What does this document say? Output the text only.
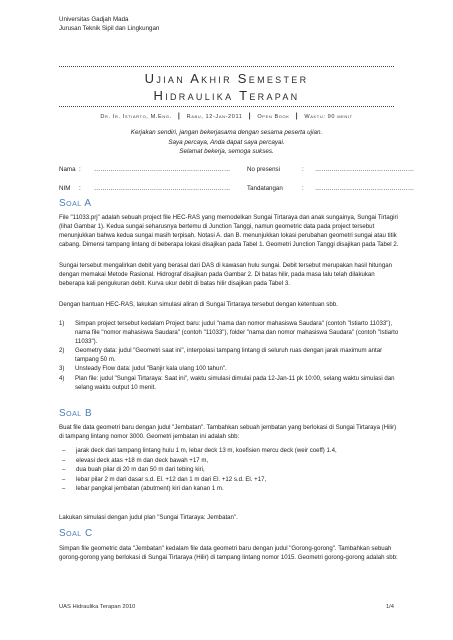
Universitas Gadjah Mada
Jurusan Teknik Sipil dan Lingkungan
Ujian Akhir Semester
Hidraulika Terapan
Dr. Ir. Istiarto, M.Eng. | Rabu, 12-Jan-2011 | Open Book | Waktu: 90 menit
Kerjakan sendiri, jangan bekerjasama dengan sesama peserta ujian.
Saya percaya, Anda dapat saya percayai.
Selamat bekerja, semoga sukses.
Nama : …………………………………………………………	No presensi	: …………………………………………
NIM : …………………………………………………………	Tandatangan	: …………………………………………
Soal A
File "11033.prj" adalah sebuah project file HEC-RAS yang memodelkan Sungai Tirtaraya dan anak sungainya, Sungai Tirtagiri (lihat Gambar 1). Kedua sungai seharusnya bertemu di Junction Tanggi, namun geometric data pada project tersebut menunjukkan bahwa kedua sungai masih terpisah. Notasi A. dan B. menunjukkan lokasi perubahan geometri sungai atau titik cabang. Dimensi tampang lintang di beberapa lokasi disajikan pada Tabel 1. Geometri Junction Tanggi disajikan pada Tabel 2.
Sungai tersebut mengalirkan debit yang berasal dari DAS di kawasan hulu sungai. Debit tersebut merupakan hasil hitungan dengan memakai Metode Rasional. Hidrograf disajikan pada Gambar 2. Di batas hilir, pada masa lalu telah dilakukan beberapa kali pengukuran debit. Kurva ukur debit di batas hilir disajikan pada Tabel 3.
Dengan bantuan HEC-RAS, lakukan simulasi aliran di Sungai Tirtaraya tersebut dengan ketentuan sbb.
1) Simpan project tersebut kedalam Project baru: judul "nama dan nomor mahasiswa Saudara" (contoh "Istiarto 11033"), nama file "nomor mahasiswa Saudara" (contoh "11033"), folder "nama dan nomor mahasiswa Saudara" (contoh "Istiarto 11033").
2) Geometry data: judul "Geometri saat ini", interpolasi tampang lintang di seluruh ruas dengan jarak maximum antar tampang 50 m.
3) Unsteady Flow data: judul "Banjir kala ulang 100 tahun".
4) Plan file: judul "Sungai Tirtaraya: Saat ini", waktu simulasi dimulai pada 12-Jan-11 pk 10:00, selang waktu simulasi dan selang waktu output 10 menit.
Soal B
Buat file data geometri baru dengan judul "Jembatan". Tambahkan sebuah jembatan yang berlokasi di Sungai Tirtaraya (Hilir) di tampang lintang nomor 3000. Geometri jembatan ini adalah sbb:
– jarak deck dari tampang lintang hulu 1 m, lebar deck 13 m, koefisien mercu deck (weir coeff) 1.4,
– elevasi deck atas +18 m dan deck bawah +17 m,
– dua buah pilar di 20 m dan 50 m dari tebing kiri,
– lebar pilar 2 m dari dasar s.d. El. +12 dan 1 m dari El. +12 s.d. El. +17,
– lebar pangkal jembatan (abutment) kiri dan kanan 1 m.
Lakukan simulasi dengan judul plan "Sungai Tirtaraya: Jembatan".
Soal C
Simpan file geometric data "Jembatan" kedalam file data geometri baru dengan judul "Gorong-gorong". Tambahkan sebuah gorong-gorong yang berlokasi di Sungai Tirtaraya (Hilir) di tampang lintang nomor 1015. Geometri gorong-gorong adalah sbb:
UAS Hidraulika Terapan 2010	1/4
